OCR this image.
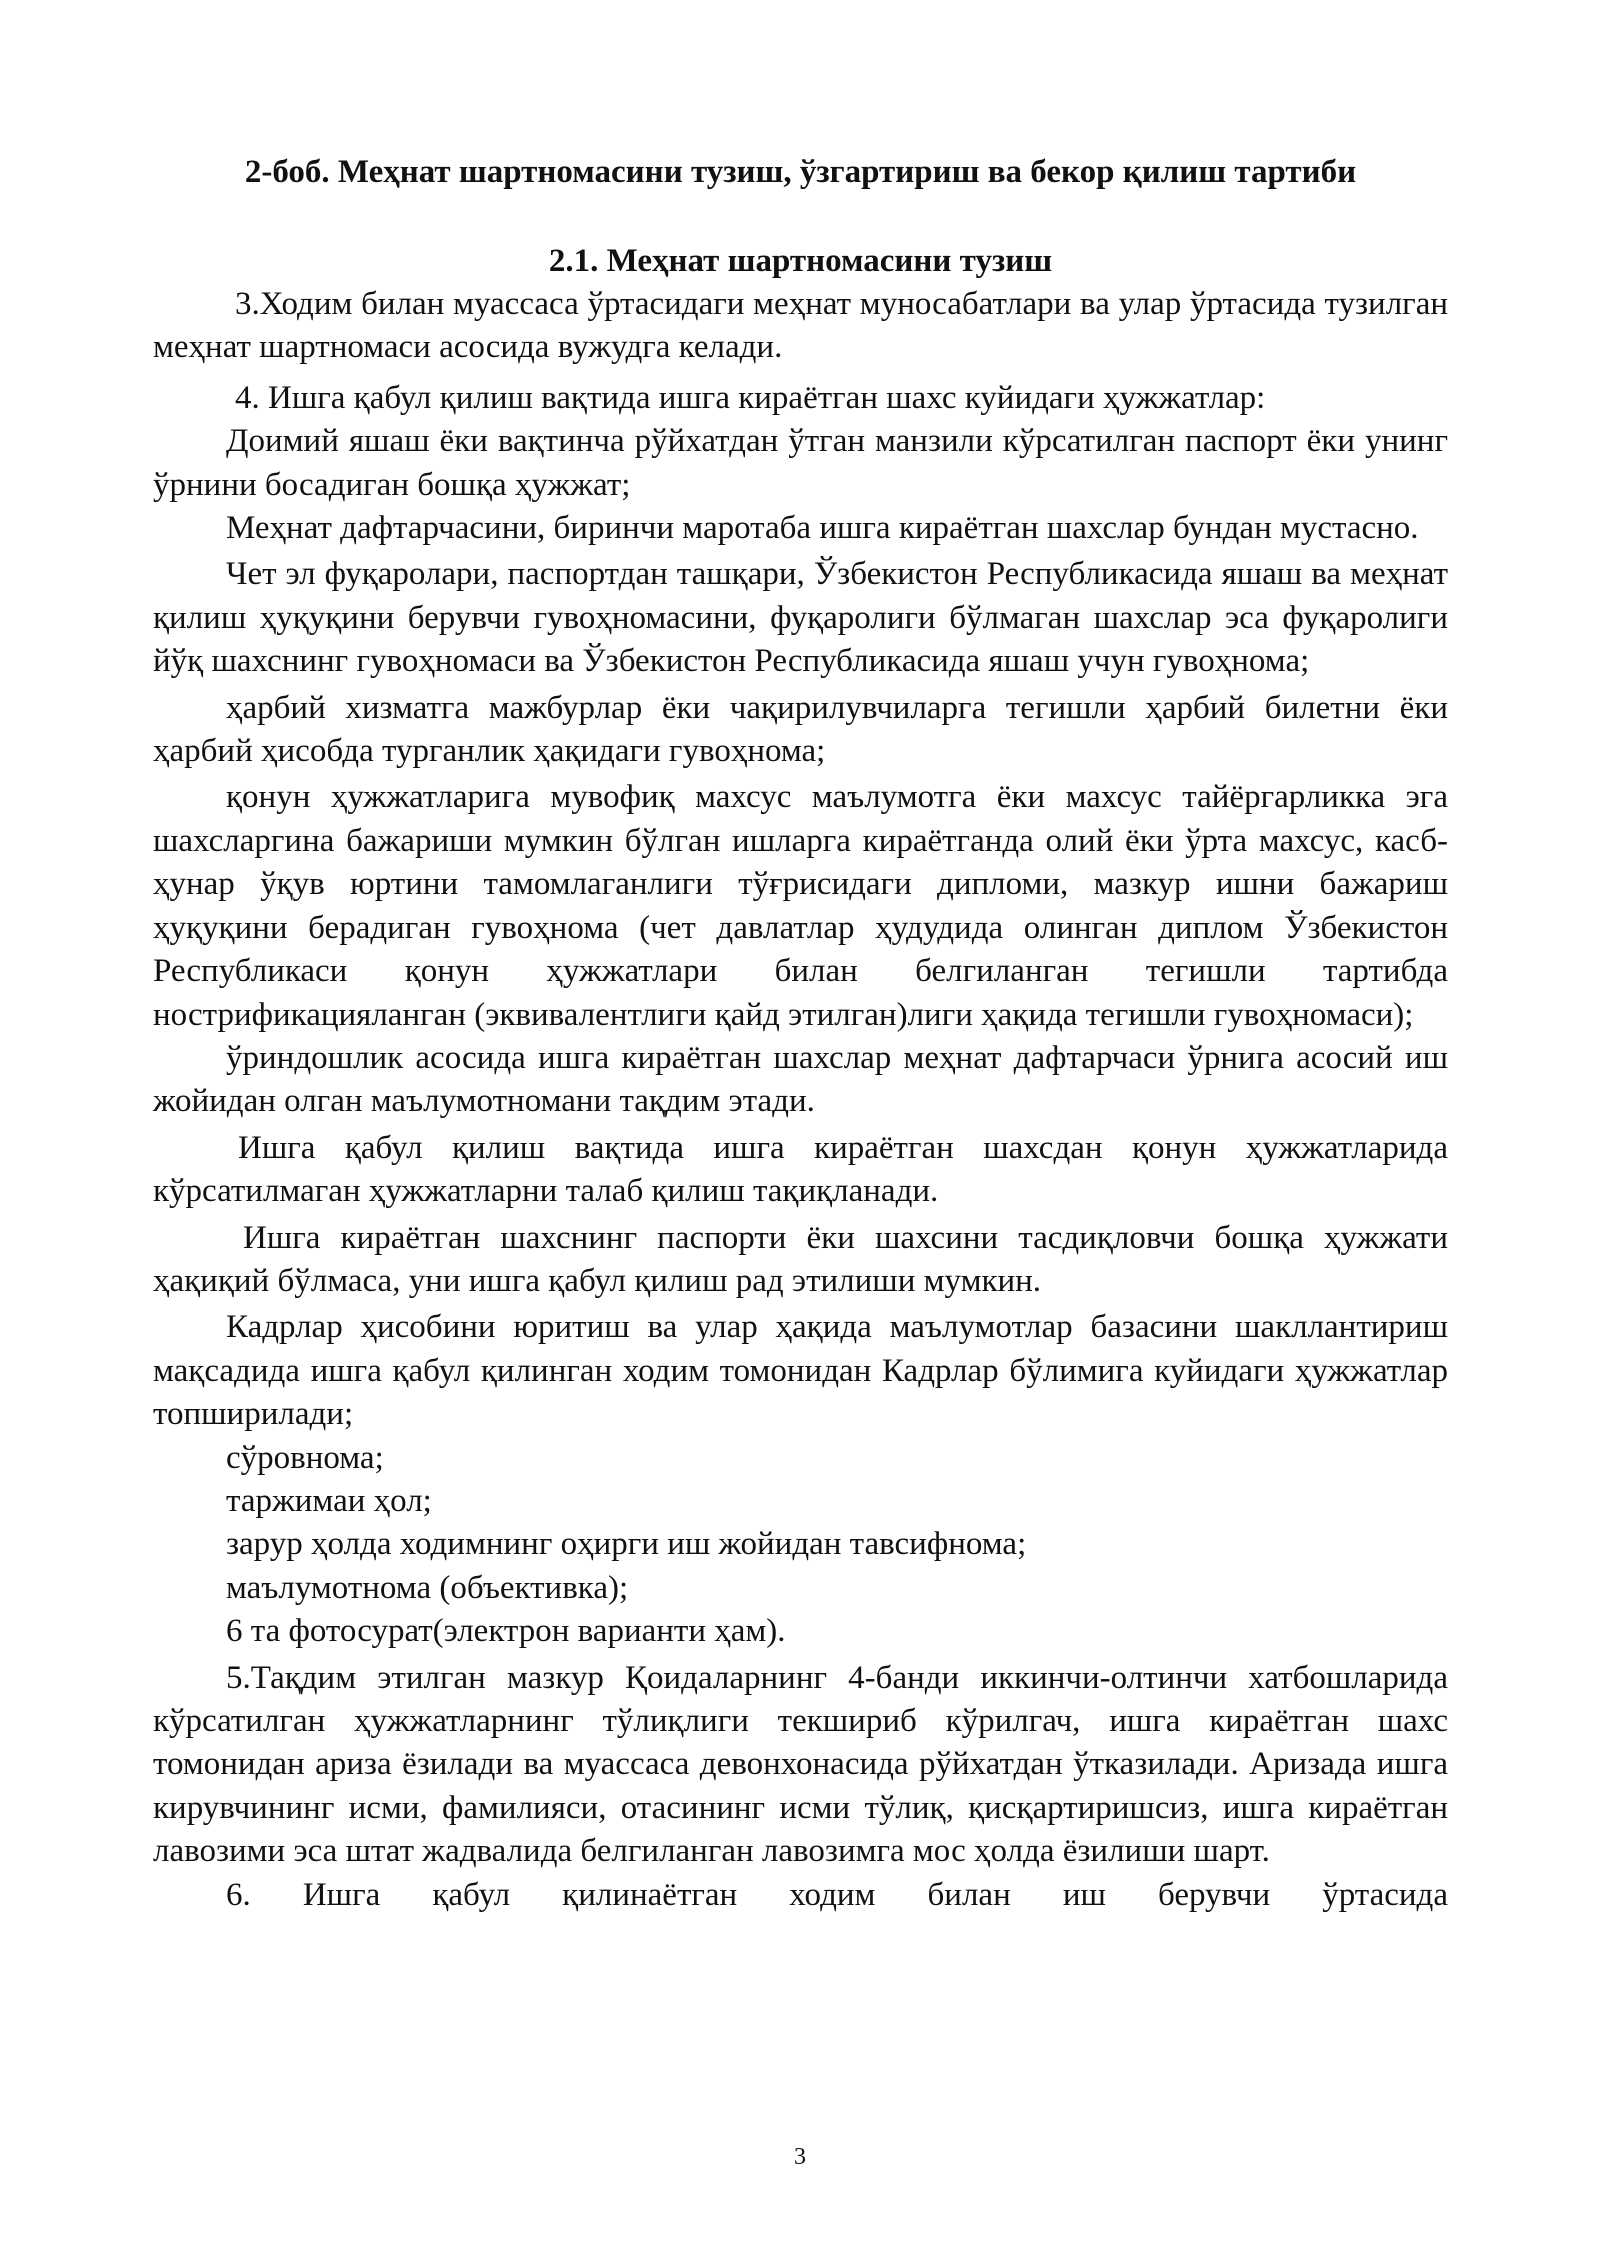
2-боб. Меҳнат шартномасини тузиш, ўзгартириш ва бекор қилиш тартиби
2.1. Меҳнат шартномасини тузиш

3.Ходим билан муассаса ўртасидаги меҳнат муносабатлари ва улар ўртасида тузилган меҳнат шартномаси асосида вужудга келади.

4. Ишга қабул қилиш вақтида ишга кираётган шахс куйидаги ҳужжатлар:

Доимий яшаш ёки вақтинча рўйхатдан ўтган манзили кўрсатилган паспорт ёки унинг ўрнини босадиган бошқа ҳужжат;

Меҳнат дафтарчасини, биринчи маротаба ишга кираётган шахслар бундан мустасно.

Чет эл фуқаролари, паспортдан ташқари, Ўзбекистон Республикасида яшаш ва меҳнат қилиш ҳуқуқини берувчи гувоҳномасини, фуқаролиги бўлмаган шахслар эса фуқаролиги йўқ шахснинг гувоҳномаси ва Ўзбекистон Республикасида яшаш учун гувоҳнома;

ҳарбий хизматга мажбурлар ёки чақирилувчиларга тегишли ҳарбий билетни ёки ҳарбий ҳисобда турганлик ҳақидаги гувоҳнома;

қонун ҳужжатларига мувофиқ махсус маълумотга ёки махсус тайёргарликка эга шахсларгина бажариши мумкин бўлган ишларга кираётганда олий ёки ўрта махсус, касб-ҳунар ўқув юртини тамомлаганлиги тўғрисидаги дипломи, мазкур ишни бажариш ҳуқуқини берадиган гувоҳнома (чет давлатлар ҳудудида олинган диплом Ўзбекистон Республикаси қонун ҳужжатлари билан белгиланган тегишли тартибда нострификацияланган (эквивалентлиги қайд этилган)лиги ҳақида тегишли гувоҳномаси);

ўриндошлик асосида ишга кираётган шахслар меҳнат дафтарчаси ўрнига асосий иш жойидан олган маълумотномани тақдим этади.

Ишга қабул қилиш вақтида ишга кираётган шахсдан қонун ҳужжатларида кўрсатилмаган ҳужжатларни талаб қилиш тақиқланади.

Ишга кираётган шахснинг паспорти ёки шахсини тасдиқловчи бошқа ҳужжати ҳақиқий бўлмаса, уни ишга қабул қилиш рад этилиши мумкин.

Кадрлар ҳисобини юритиш ва улар ҳақида маълумотлар базасини шакллантириш мақсадида ишга қабул қилинган ходим томонидан Кадрлар бўлимига куйидаги ҳужжатлар топширилади;

сўровнома;

таржимаи ҳол;

зарур ҳолда ходимнинг оҳирги иш жойидан тавсифнома;

маълумотнома (объективка);

6 та фотосурат(электрон варианти ҳам).

5.Тақдим этилган мазкур Қоидаларнинг 4-банди иккинчи-олтинчи хатбошларида кўрсатилган ҳужжатларнинг тўлиқлиги текшириб кўрилгач, ишга кираётган шахс томонидан ариза ёзилади ва муассаса девонхонасида рўйхатдан ўтказилади. Аризада ишга кирувчининг исми, фамилияси, отасининг исми тўлиқ, қисқартиришсиз, ишга кираётган лавозими эса штат жадвалида белгиланган лавозимга мос ҳолда ёзилиши шарт.

6. Ишга қабул қилинаётган ходим билан иш берувчи ўртасида

3
